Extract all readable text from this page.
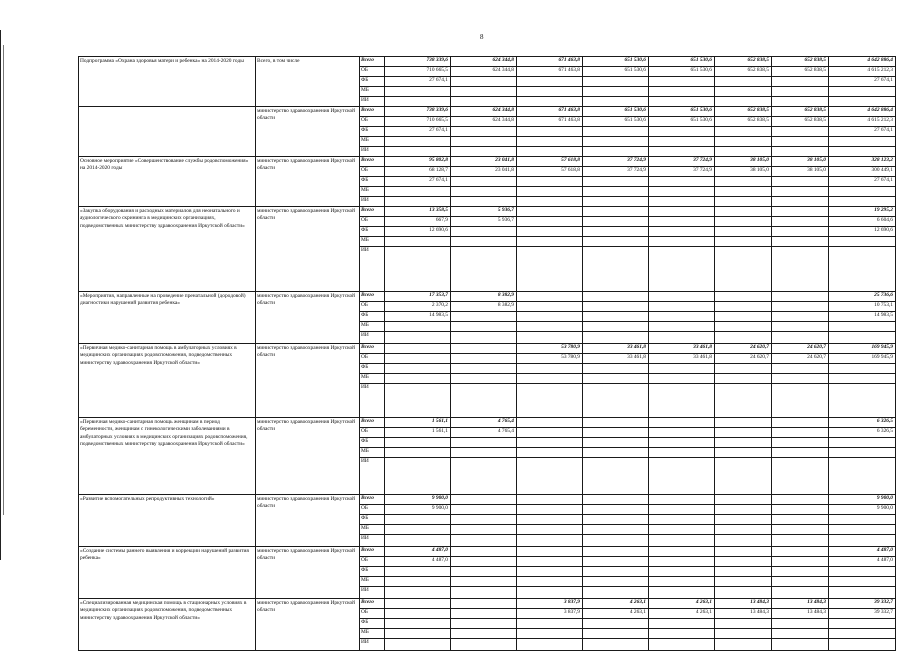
8
Подпрограмма «Охрана здоровья матери и ребенка» на 2014-2020 годы	Всего, в том числе	Всего	738 339,6	624 344,8	671 463,8	651 530,6	651 530,6	652 838,5	652 838,5	4 642 886,4
		ОБ	710 665,5	624 344,8	671 463,8	651 530,6	651 530,6	652 838,5	652 838,5	4 615 212,3
		ФБ	27 674,1							27 674,1
		МБ								
		ИИ								
	министерство здравоохранения Иркутской области	Всего	738 339,6	624 344,8	671 463,8	651 530,6	651 530,6	652 838,5	652 838,5	4 642 886,4
		ОБ	710 665,5	624 344,8	671 463,8	651 530,6	651 530,6	652 838,5	652 838,5	4 615 212,3
		ФБ	27 674,1							27 674,1
		МБ								
		ИИ								
Основное мероприятие «Совершенствование службы родовспоможения» на 2014-2020 годы	министерство здравоохранения Иркутской области	Всего	95 802,8	23 041,8	57 618,8	37 724,9	37 724,9	38 105,0	38 105,0	328 123,2
		ОБ	68 128,7	23 041,8	57 618,8	37 724,9	37 724,9	38 105,0	38 105,0	300 449,1
		ФБ	27 674,1							27 674,1
		МБ								
		ИИ								
«Закупка оборудования и расходных материалов для неонатального и аудиологического скрининга в медицинских организациях, подведомственных министерству здравоохранения Иркутской области»	министерство здравоохранения Иркутской области	Всего	13 358,5	5 936,7						19 295,2
		ОБ	667,9	5 936,7						6 604,6
		ФБ	12 690,6							12 690,6
		МБ								
		ИИ								
«Мероприятия, направленные на проведение пренатальной (дородовой) диагностики нарушений развития ребенка»	министерство здравоохранения Иркутской области	Всего	17 353,7	8 382,9						25 736,6
		ОБ	2 370,2	8 382,9						10 753,1
		ФБ	14 983,5							14 983,5
		МБ								
		ИИ								
«Первичная медико-санитарная помощь в амбулаторных условиях в медицинских организациях родовспоможения, подведомственных министерству здравоохранения Иркутской области»	министерство здравоохранения Иркутской области	Всего			53 780,9	33 461,8	33 461,8	24 620,7	24 620,7	169 945,9
		ОБ			53 780,9	33 461,8	33 461,8	24 620,7	24 620,7	169 945,9
		ФБ								
		МБ								
		ИИ								
«Первичная медико-санитарная помощь женщинам в период беременности, женщинам с гинекологическими заболеваниями в амбулаторных условиях в медицинских организациях родовспоможения, подведомственных министерству здравоохранения Иркутской области»	министерство здравоохранения Иркутской области	Всего	1 561,1	4 765,4						6 326,5
		ОБ	1 561,1	4 765,4						6 326,5
		ФБ								
		МБ								
		ИИ								
«Развитие вспомогательных репродуктивных технологий»	министерство здравоохранения Иркутской области	Всего	9 900,0							9 900,0
		ОБ	9 900,0							9 900,0
		ФБ								
		МБ								
		ИИ								
«Создание системы раннего выявления и коррекции нарушений развития ребенка»	министерство здравоохранения Иркутской области	Всего	4 487,0							4 487,0
		ОБ	4 487,0							4 487,0
		ФБ								
		МБ								
		ИИ								
«Специализированная медицинская помощь в стационарных условиях в медицинских организациях родовспоможения, подведомственных министерству здравоохранения Иркутской области»	министерство здравоохранения Иркутской области	Всего			3 837,9	4 263,1	4 263,1	13 484,3	13 484,3	39 332,7
		ОБ			3 837,9	4 263,1	4 263,1	13 484,3	13 484,3	39 332,7
		ФБ								
		МБ								
		ИИ								
